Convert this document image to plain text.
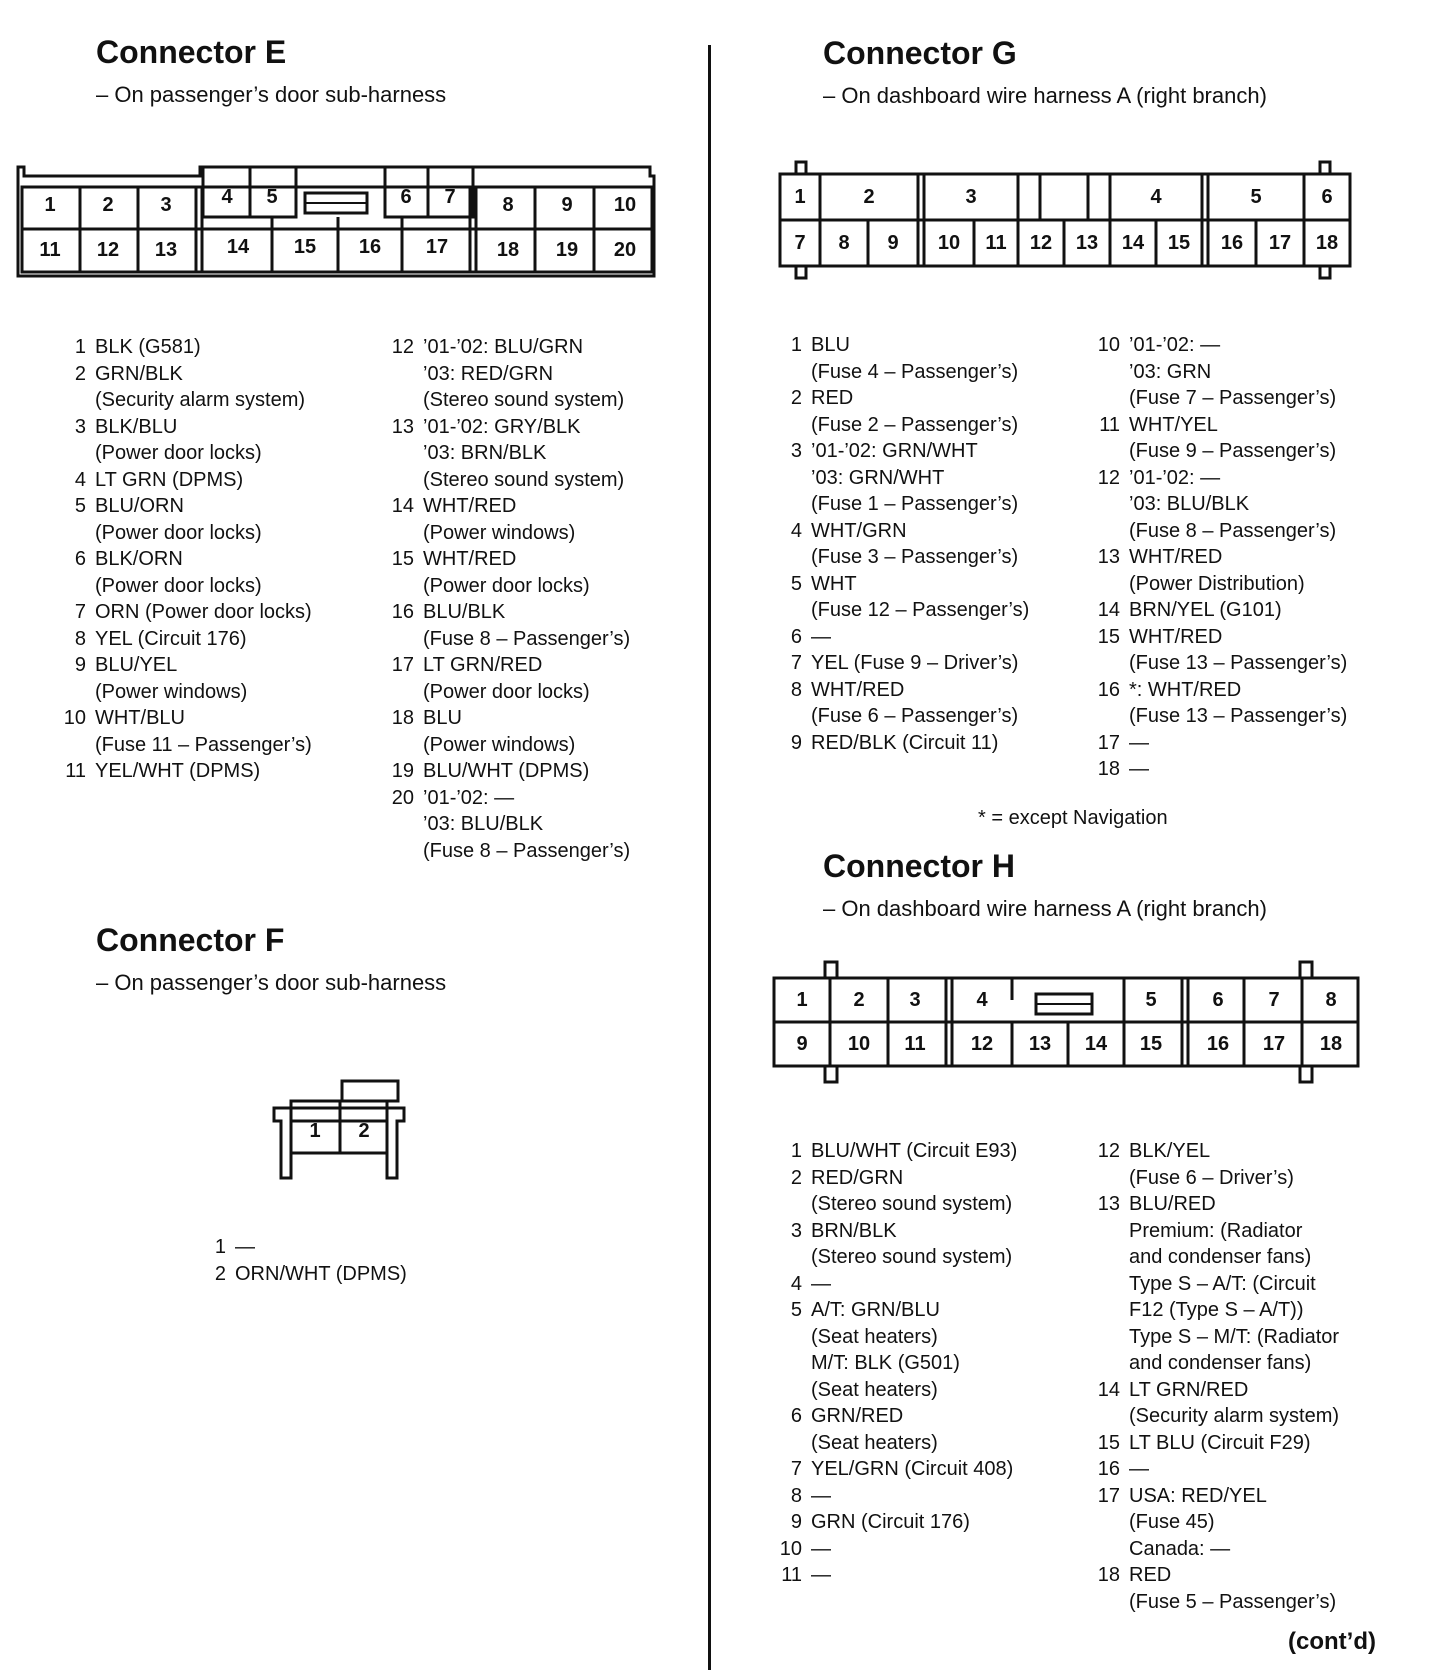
Connector E
– On passenger’s door sub-harness
1 2 3 4 5	6 7 8 9 10
11 12 13 14 15 16 17 18 19 20
1 BLK (G581)
2 GRN/BLK
(Security alarm system)
3 BLK/BLU
(Power door locks)
4 LT GRN (DPMS)
5 BLU/ORN
(Power door locks)
6 BLK/ORN
(Power door locks)
7 ORN (Power door locks)
8 YEL (Circuit 176)
9 BLU/YEL
(Power windows)
10 WHT/BLU
(Fuse 11 – Passenger’s)
11 YEL/WHT (DPMS)
12 ’01-’02: BLU/GRN
’03: RED/GRN
(Stereo sound system)
13 ’01-’02: GRY/BLK
’03: BRN/BLK
(Stereo sound system)
14 WHT/RED
(Power windows)
15 WHT/RED
(Power door locks)
16 BLU/BLK
(Fuse 8 – Passenger’s)
17 LT GRN/RED
(Power door locks)
18 BLU
(Power windows)
19 BLU/WHT (DPMS)
20 ’01-’02: —
’03: BLU/BLK
(Fuse 8 – Passenger’s)
Connector F
– On passenger’s door sub-harness
1 2
1 —
2 ORN/WHT (DPMS)
Connector G
– On dashboard wire harness A (right branch)
1	2	3	4	5	6
7 8 9 10 11 12 13 14 15 16 17 18
1 BLU
(Fuse 4 – Passenger’s)
2 RED
(Fuse 2 – Passenger’s)
3 ’01-’02: GRN/WHT
’03: GRN/WHT
(Fuse 1 – Passenger’s)
4 WHT/GRN
(Fuse 3 – Passenger’s)
5 WHT
(Fuse 12 – Passenger’s)
6 —
7 YEL (Fuse 9 – Driver’s)
8 WHT/RED
(Fuse 6 – Passenger’s)
9 RED/BLK (Circuit 11)
10 ’01-’02: —
’03: GRN
(Fuse 7 – Passenger’s)
11 WHT/YEL
(Fuse 9 – Passenger’s)
12 ’01-’02: —
’03: BLU/BLK
(Fuse 8 – Passenger’s)
13 WHT/RED
(Power Distribution)
14 BRN/YEL (G101)
15 WHT/RED
(Fuse 13 – Passenger’s)
16 *: WHT/RED
(Fuse 13 – Passenger’s)
17 —
18 —
* = except Navigation
Connector H
– On dashboard wire harness A (right branch)
1 2 3	4	5	6 7 8
9 10 11 12 13 14 15 16 17 18
1 BLU/WHT (Circuit E93)
2 RED/GRN
(Stereo sound system)
3 BRN/BLK
(Stereo sound system)
4 —
5 A/T: GRN/BLU
(Seat heaters)
M/T: BLK (G501)
(Seat heaters)
6 GRN/RED
(Seat heaters)
7 YEL/GRN (Circuit 408)
8 —
9 GRN (Circuit 176)
10 —
11 —
12 BLK/YEL
(Fuse 6 – Driver’s)
13 BLU/RED
Premium: (Radiator
and condenser fans)
Type S – A/T: (Circuit
F12 (Type S – A/T))
Type S – M/T: (Radiator
and condenser fans)
14 LT GRN/RED
(Security alarm system)
15 LT BLU (Circuit F29)
16 —
17 USA: RED/YEL
(Fuse 45)
Canada: —
18 RED
(Fuse 5 – Passenger’s)
(cont’d)
